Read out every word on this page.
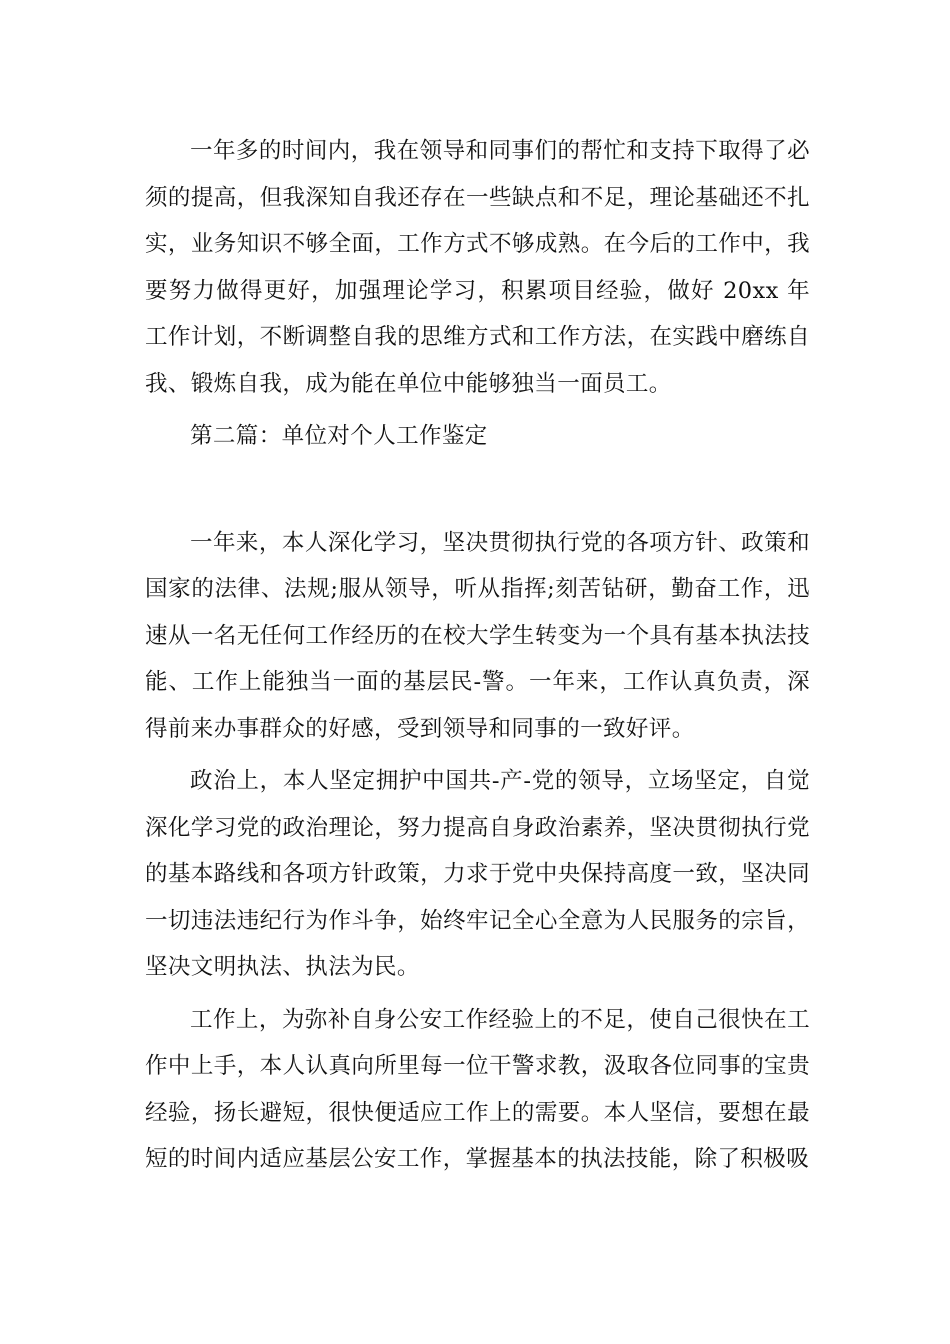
一年多的时间内，我在领导和同事们的帮忙和支持下取得了必须的提高，但我深知自我还存在一些缺点和不足，理论基础还不扎实，业务知识不够全面，工作方式不够成熟。在今后的工作中，我要努力做得更好，加强理论学习，积累项目经验，做好 20xx 年工作计划，不断调整自我的思维方式和工作方法，在实践中磨练自我、锻炼自我，成为能在单位中能够独当一面员工。

第二篇：单位对个人工作鉴定

一年来，本人深化学习，坚决贯彻执行党的各项方针、政策和国家的法律、法规;服从领导，听从指挥;刻苦钻研，勤奋工作，迅速从一名无任何工作经历的在校大学生转变为一个具有基本执法技能、工作上能独当一面的基层民-警。一年来，工作认真负责，深得前来办事群众的好感，受到领导和同事的一致好评。

政治上，本人坚定拥护中国共-产-党的领导，立场坚定，自觉深化学习党的政治理论，努力提高自身政治素养，坚决贯彻执行党的基本路线和各项方针政策，力求于党中央保持高度一致，坚决同一切违法违纪行为作斗争，始终牢记全心全意为人民服务的宗旨，坚决文明执法、执法为民。

工作上，为弥补自身公安工作经验上的不足，使自己很快在工作中上手，本人认真向所里每一位干警求教，汲取各位同事的宝贵经验，扬长避短，很快便适应工作上的需要。本人坚信，要想在最短的时间内适应基层公安工作，掌握基本的执法技能，除了积极吸
